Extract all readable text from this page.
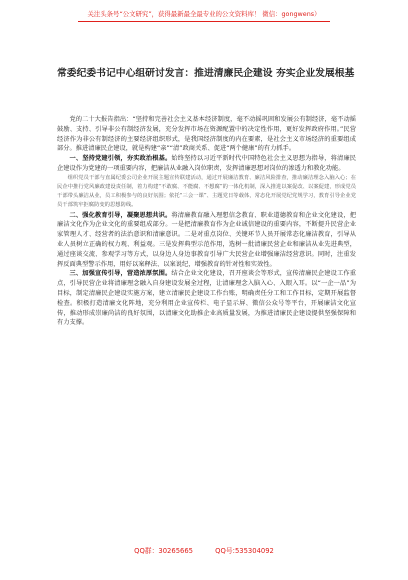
关注头条号“公文研究”，获得最新最全最专业的公文资料库！ 微信：gongwens）
常委纪委书记中心组研讨发言：推进清廉民企建设 夯实企业发展根基

党的二十大报告指出：“坚持和完善社会主义基本经济制度，毫不动摇巩固和发展公有制经济，毫不动摇鼓励、支持、引导非公有制经济发展，充分发挥市场在资源配置中的决定性作用，更好发挥政府作用。”民营经济作为非公有制经济的主要经济组织形式，是我国经济制度的内在要素，是社会主义市场经济的重要组成部分。推进清廉民企建设，就是构建“亲”“清”政商关系、促进“两个健康”的有力抓手。

一、坚持党建引领，夯实政治根基。始终坚持以习近平新时代中国特色社会主义思想为指导，将清廉民企建设作为党建的一项重要内容，把廉洁从业融入岗位职责，发挥清廉思想对岗位的渗透力和教化功能。

组织党员干部与直属纪委公司企业开展主题宣传联建活动，通过开展廉洁教育、廉洁风险排查，推动廉洁理念入脑入心；在民企中推行党风廉政建设责任制，着力构建“不敢腐、不能腐、不想腐”的一体化机制，深入推进以案促改、以案促建，形成党员干部带头廉洁从业，员工积极参与的良好氛围；依托“三会一课”、主题党日等载体，常态化开展党纪党规学习，教育引导企业党员干部筑牢拒腐防变的思想防线。

二、强化教育引导，凝聚思想共识。将清廉教育融入理想信念教育、职业道德教育和企业文化建设，把廉洁文化作为企业文化的重要组成部分。一是把清廉教育作为企业诚信建设的重要内容，不断提升民营企业家管理人才、经营者的法治意识和清廉意识。二是对重点岗位、关键环节人员开展常态化廉洁教育，引导从业人员树立正确的权力观、利益观。三是发挥典型示范作用，选树一批清廉民营企业和廉洁从业先进典型，通过座谈交流、参观学习等方式，以身边人身边事教育引导广大民营企业增强廉洁经营意识。同时，注重发挥反面典型警示作用，用好以案释法、以案说纪，增强教育的针对性和实效性。

三、加强宣传引导，营造浓厚氛围。结合企业文化建设，召开座谈会等形式，宣传清廉民企建设工作重点，引导民营企业将清廉理念融入自身建设发展全过程，让清廉理念入脑入心、入眼入耳。以“一企一品”为目标，制定清廉民企建设实施方案，建立清廉民企建设工作台账，明确责任分工和工作目标，定期开展监督检查。积极打造清廉文化阵地，充分利用企业宣传栏、电子显示屏、微信公众号等平台，开展廉洁文化宣传，推动形成崇廉尚洁的良好氛围，以清廉文化助推企业高质量发展，为推进清廉民企建设提供坚强保障和有力支撑。

QQ群：30265665	QQ号:535304092
